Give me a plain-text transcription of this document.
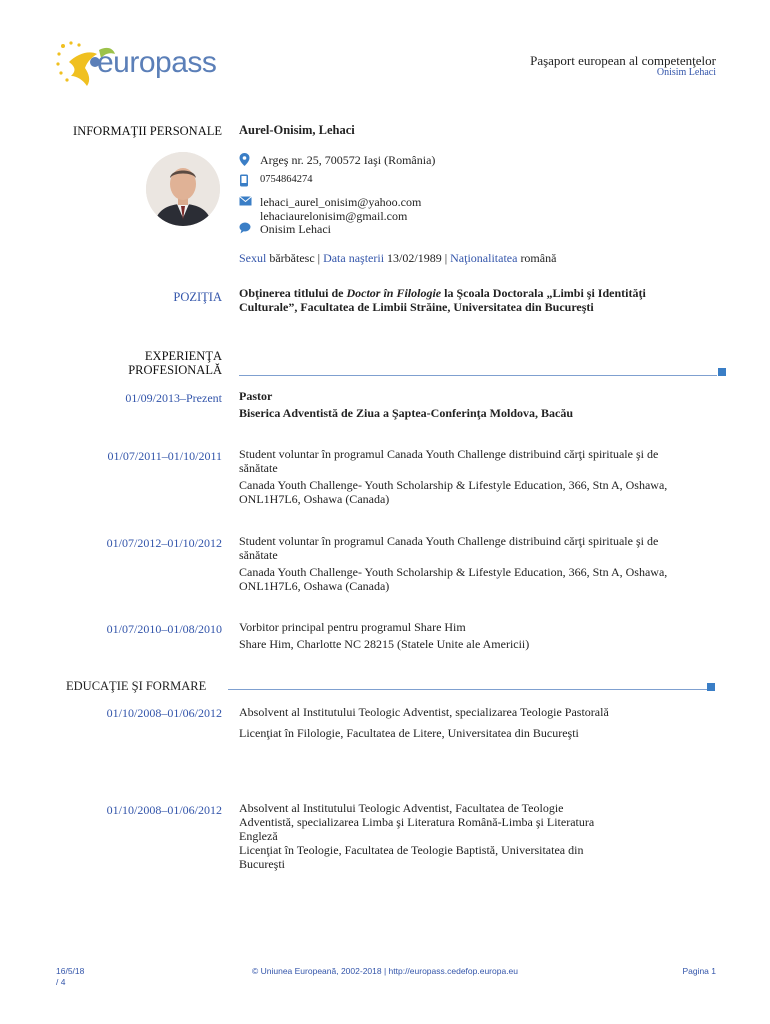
europass	Paşaport european al competenţelor
Onisim Lehaci
INFORMAŢII PERSONALE Aurel-Onisim, Lehaci
Argeş nr. 25, 700572 Iaşi (România)
0754864274
lehaci_aurel_onisim@yahoo.com
lehaciaurelonisim@gmail.com
Onisim Lehaci
Sexul bărbătesc | Data naşterii 13/02/1989 | Naţionalitatea română
POZIŢIA Obţinerea titlului de Doctor în Filologie la Şcoala Doctorala „Limbi şi Identităţi
Culturale”, Facultatea de Limbii Străine, Universitatea din Bucureşti
EXPERIENŢA
PROFESIONALĂ
01/09/2013–Prezent Pastor
Biserica Adventistă de Ziua a Şaptea-Conferinţa Moldova, Bacău
01/07/2011–01/10/2011 Student voluntar în programul Canada Youth Challenge distribuind cărţi spirituale şi de
sănătate
Canada Youth Challenge- Youth Scholarship & Lifestyle Education, 366, Stn A, Oshawa,
ONL1H7L6, Oshawa (Canada)
01/07/2012–01/10/2012 Student voluntar în programul Canada Youth Challenge distribuind cărţi spirituale şi de
sănătate
Canada Youth Challenge- Youth Scholarship & Lifestyle Education, 366, Stn A, Oshawa,
ONL1H7L6, Oshawa (Canada)
01/07/2010–01/08/2010 Vorbitor principal pentru programul Share Him
Share Him, Charlotte NC 28215 (Statele Unite ale Americii)
EDUCAŢIE ŞI FORMARE
01/10/2008–01/06/2012 Absolvent al Institutului Teologic Adventist, specializarea Teologie Pastorală
Licenţiat în Filologie, Facultatea de Litere, Universitatea din Bucureşti
01/10/2008–01/06/2012 Absolvent al Institutului Teologic Adventist, Facultatea de Teologie
Adventistă, specializarea Limba şi Literatura Română-Limba şi Literatura
Engleză
Licenţiat în Teologie, Facultatea de Teologie Baptistă, Universitatea din
Bucureşti
16/5/18
/ 4
© Uniunea Europeană, 2002-2018 | http://europass.cedefop.europa.eu	Pagina 1
